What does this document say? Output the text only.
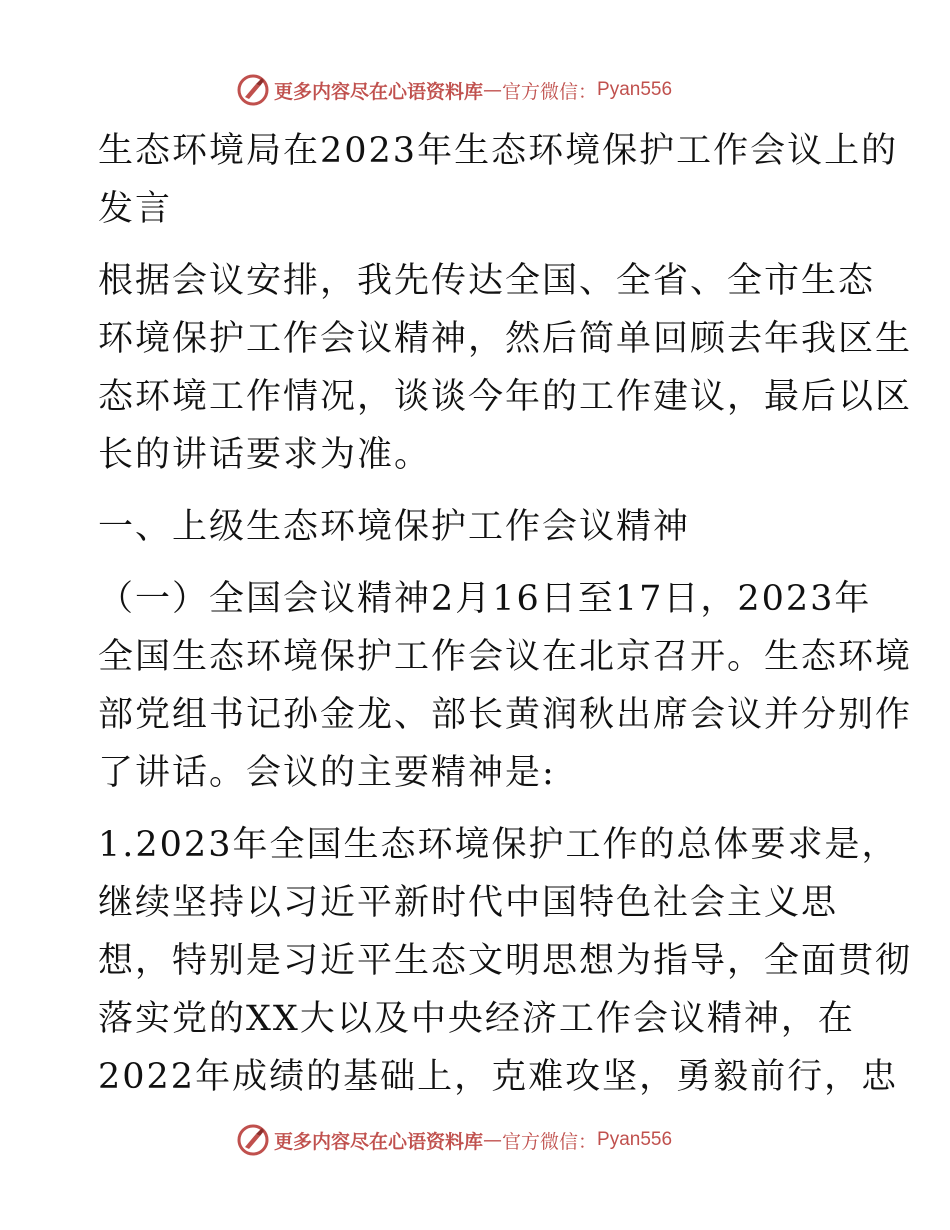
更多内容尽在心语资料库 — 官方微信： Pyan556

生态环境局在2023年生态环境保护工作会议上的
发言

根据会议安排，我先传达全国、全省、全市生态
环境保护工作会议精神，然后简单回顾去年我区生
态环境工作情况，谈谈今年的工作建议，最后以区
长的讲话要求为准。

一、上级生态环境保护工作会议精神

（一）全国会议精神2月16日至17日，2023年
全国生态环境保护工作会议在北京召开。生态环境
部党组书记孙金龙、部长黄润秋出席会议并分别作
了讲话。会议的主要精神是:

1.2023年全国生态环境保护工作的总体要求是，
继续坚持以习近平新时代中国特色社会主义思
想，特别是习近平生态文明思想为指导，全面贯彻
落实党的XX大以及中央经济工作会议精神，在
2022年成绩的基础上，克难攻坚，勇毅前行，忠

更多内容尽在心语资料库 — 官方微信： Pyan556
